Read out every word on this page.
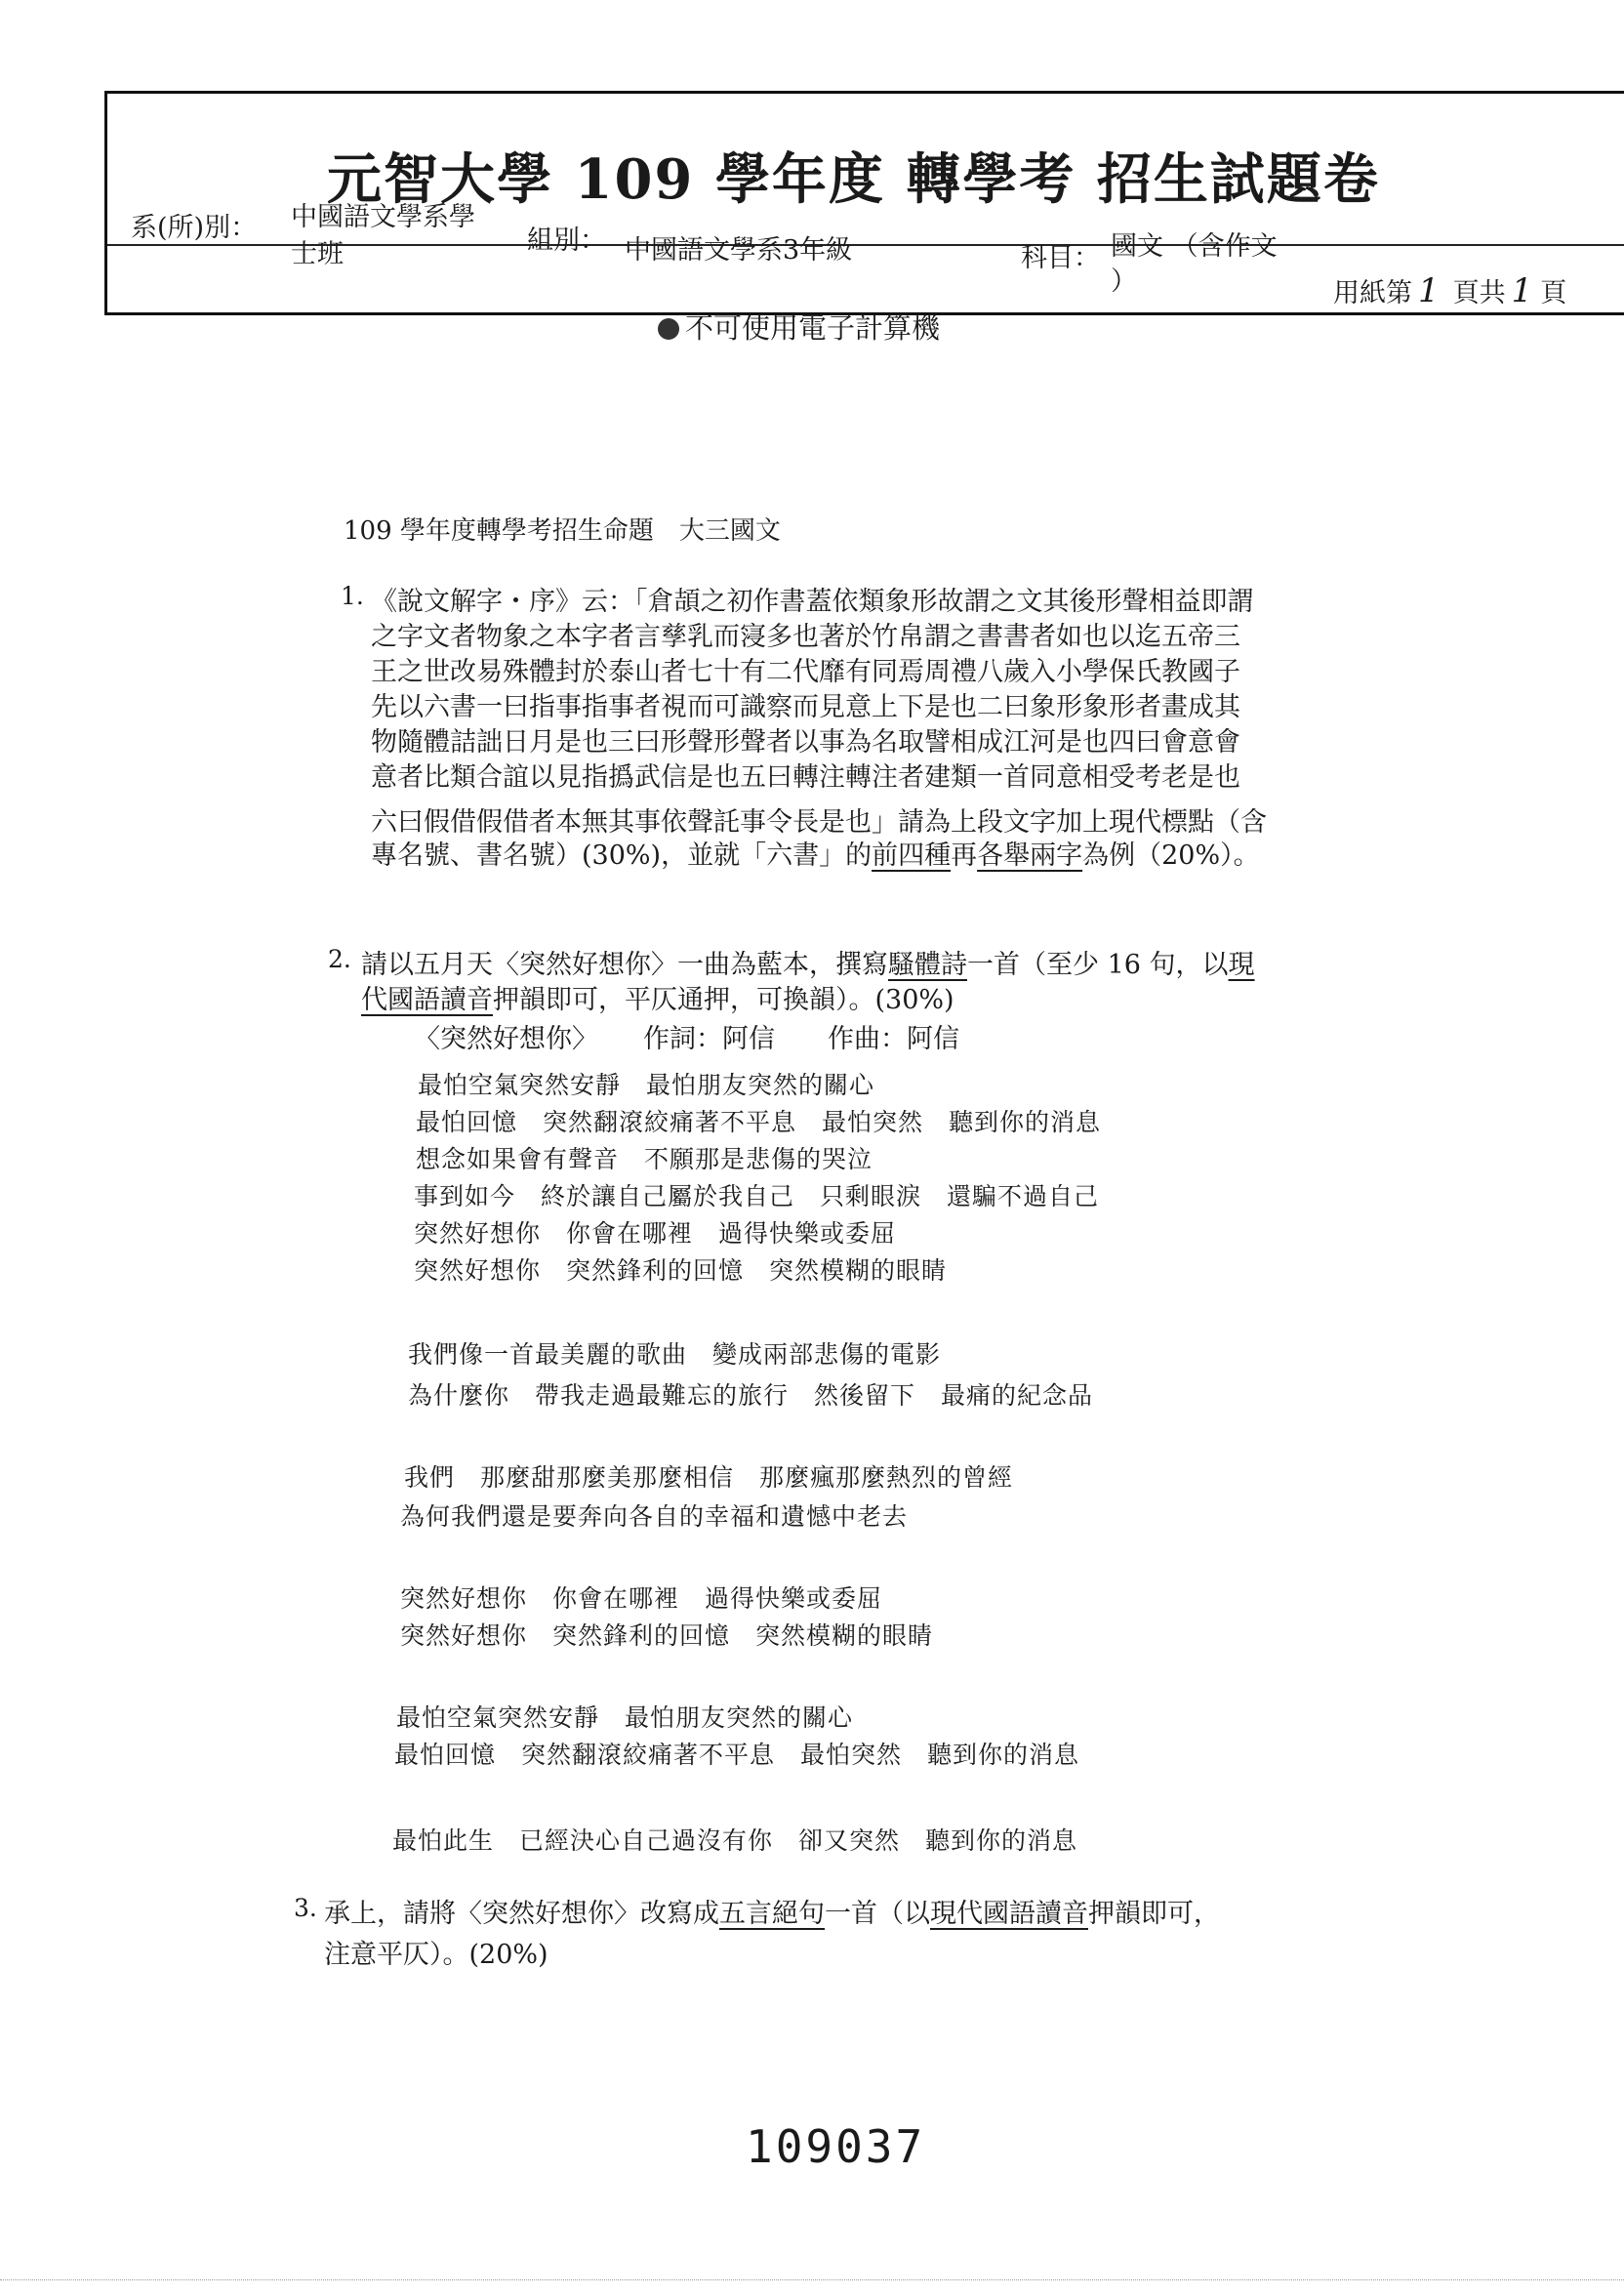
元智大學 109 學年度 轉學考 招生試題卷
系(所)別： 中國語文學系學
士班	組別： 中國語文學系3年級	科目： 國文 （含作文
）	用紙第 1 頁共 1 頁
不可使用電子計算機
109 學年度轉學考招生命題　大三國文
1. 《說文解字・序》云：「倉頡之初作書蓋依類象形故謂之文其後形聲相益即謂
之字文者物象之本字者言孳乳而寖多也著於竹帛謂之書書者如也以迄五帝三
王之世改易殊體封於泰山者七十有二代靡有同焉周禮八歲入小學保氏教國子
先以六書一曰指事指事者視而可識察而見意上下是也二曰象形象形者畫成其
物隨體詰詘日月是也三曰形聲形聲者以事為名取譬相成江河是也四曰會意會
意者比類合誼以見指撝武信是也五曰轉注轉注者建類一首同意相受考老是也
六曰假借假借者本無其事依聲託事令長是也」請為上段文字加上現代標點（含
專名號、書名號）(30%)，並就「六書」的前四種再各舉兩字為例（20%）。
2. 請以五月天〈突然好想你〉一曲為藍本，撰寫騷體詩一首（至少 16 句，以現
代國語讀音押韻即可，平仄通押，可換韻）。(30%)
〈突然好想你〉 作詞：阿信 作曲：阿信
最怕空氣突然安靜　最怕朋友突然的關心
最怕回憶　突然翻滾絞痛著不平息　最怕突然　聽到你的消息
想念如果會有聲音　不願那是悲傷的哭泣
事到如今　終於讓自己屬於我自己　只剩眼淚　還騙不過自己
突然好想你　你會在哪裡　過得快樂或委屈
突然好想你　突然鋒利的回憶　突然模糊的眼睛
我們像一首最美麗的歌曲　變成兩部悲傷的電影
為什麼你　帶我走過最難忘的旅行　然後留下　最痛的紀念品
我們　那麼甜那麼美那麼相信　那麼瘋那麼熱烈的曾經
為何我們還是要奔向各自的幸福和遺憾中老去
突然好想你　你會在哪裡　過得快樂或委屈
突然好想你　突然鋒利的回憶　突然模糊的眼睛
最怕空氣突然安靜　最怕朋友突然的關心
最怕回憶　突然翻滾絞痛著不平息　最怕突然　聽到你的消息
最怕此生　已經決心自己過沒有你　卻又突然　聽到你的消息
3. 承上，請將〈突然好想你〉改寫成五言絕句一首（以現代國語讀音押韻即可，
注意平仄）。(20%)
109037
